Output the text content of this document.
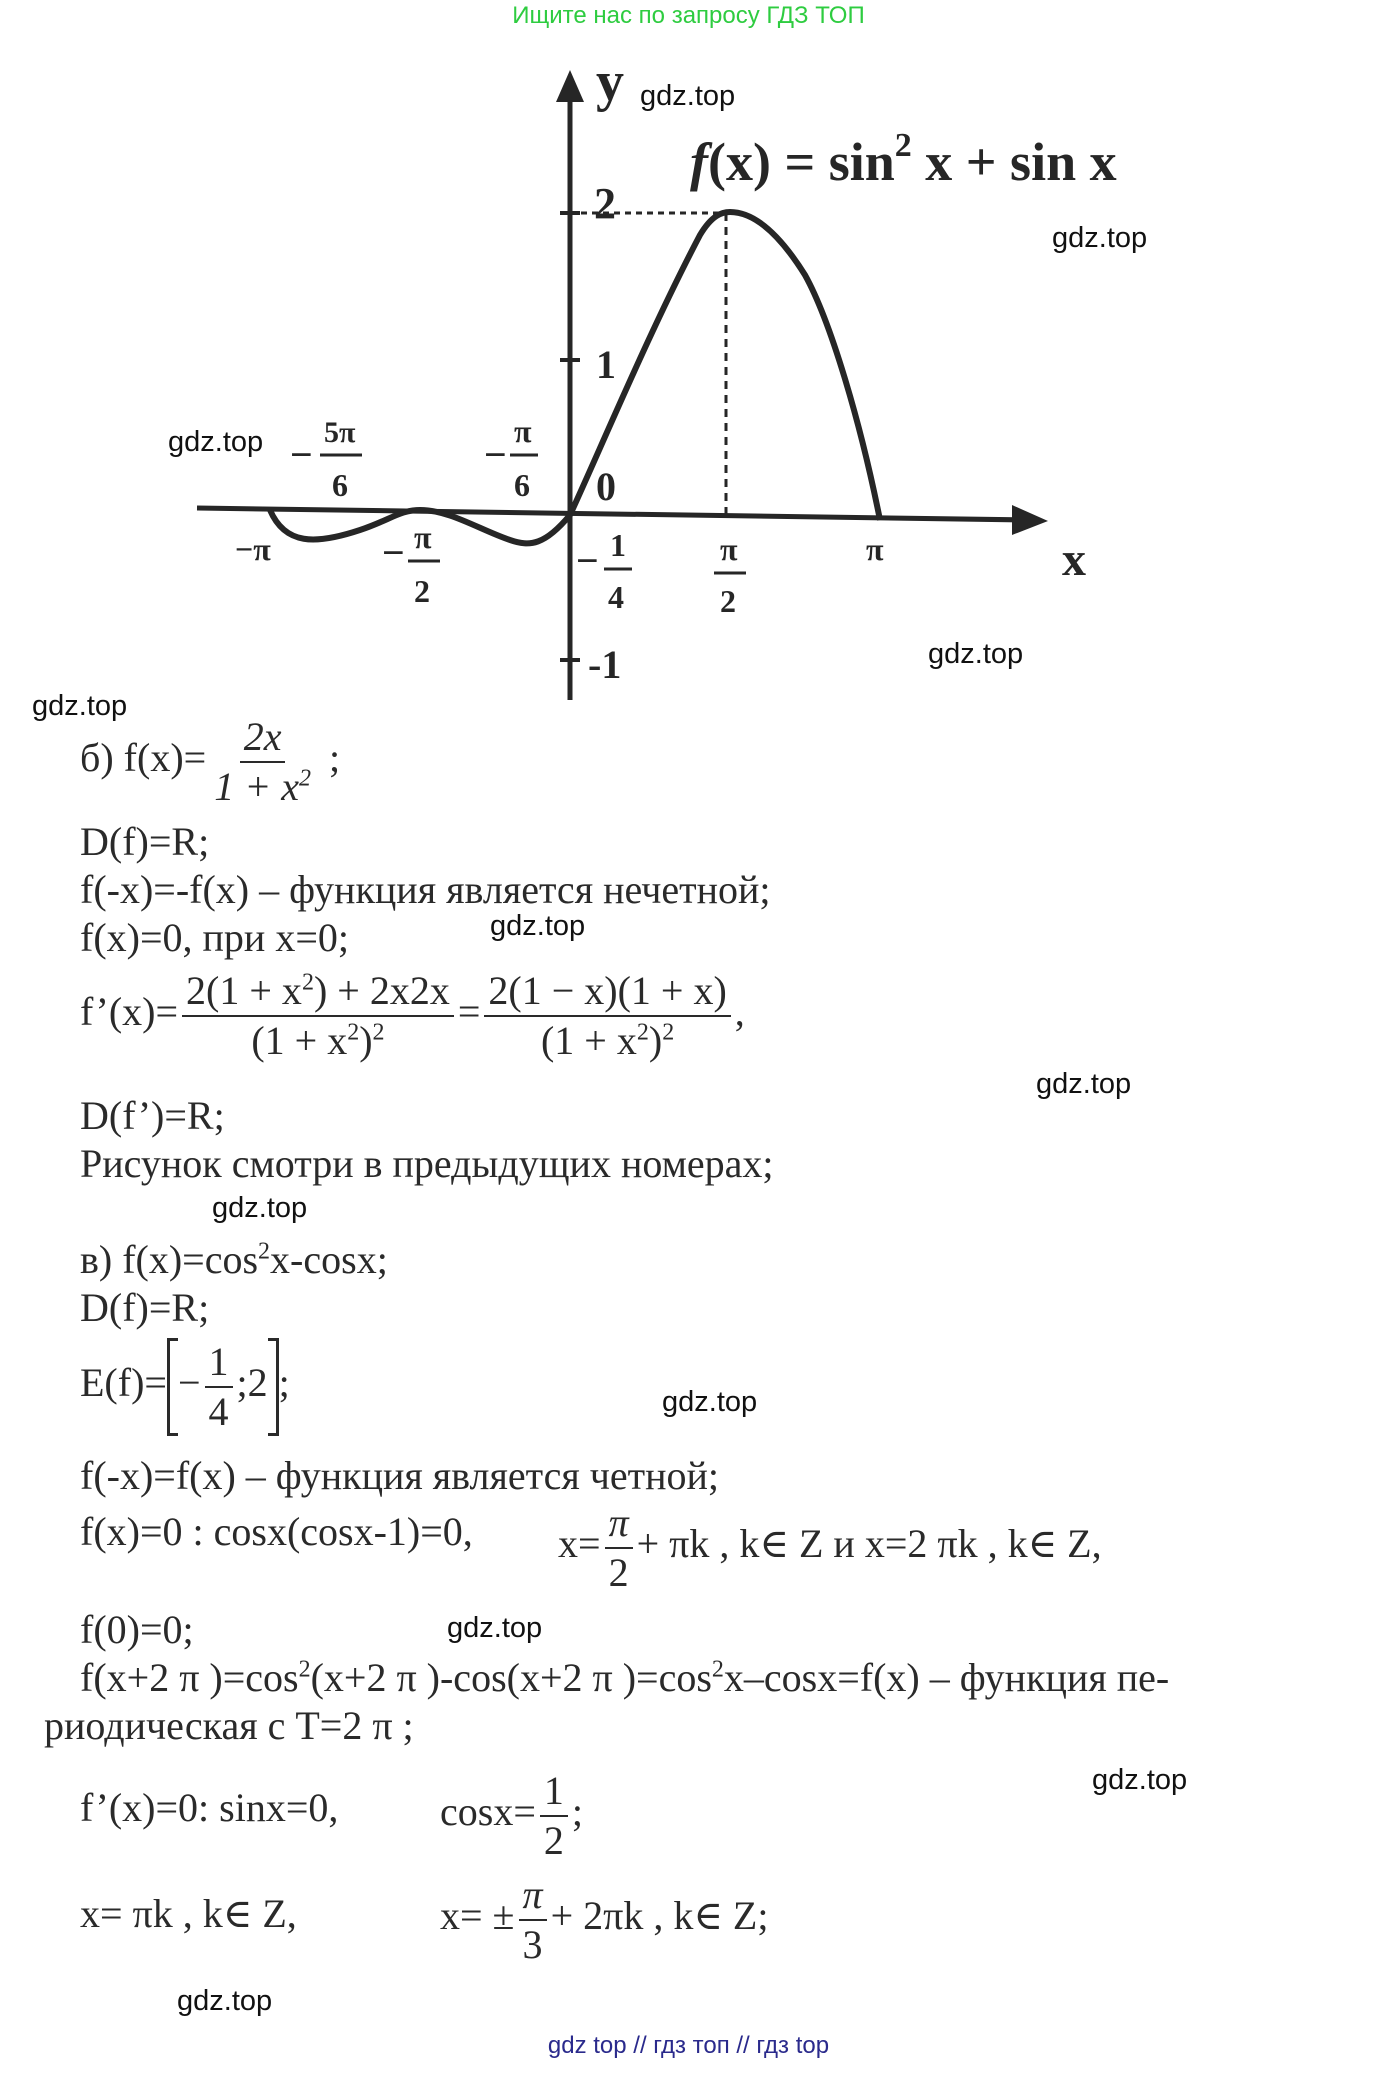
Ищите нас по запросу ГДЗ ТОП
$f(x) = \sin^2 x + \sin x$
y
x
2
1
-1
0
−π	π
− 5π
6
−
π
6
− π
2
− 1
4
π
2
gdz.top
gdz.top
gdz.top
gdz.top
gdz.top
gdz.top
gdz.top
gdz.top
gdz.top
gdz.top
gdz.top
gdz.top
б) $f(x)= \frac{2x}{1 + x^2}$ ;
D(f)=R;
f(-x)=-f(x) – функция является нечетной;
f(x)=0, при x=0;
f’(x)= $\frac{2(1 + x^2) + 2x2x}{(1 + x^2)^2} = \frac{2(1 - x)(1 + x)}{(1 + x^2)^2}$ ,
D(f’)=R;
Рисунок смотри в предыдущих номерах;
в) $f(x)=\cos^2x$-cosx;
D(f)=R;
$E(f)= - \frac{1}{4}$ ;2 ;
f(-x)=f(x) – функция является четной;
f(x)=0 : cosx(cosx-1)=0, $x= \frac{\pi}{2} + \pi k$ , k∈ Z и x=2 πk , k∈ Z,
f(0)=0;
f(x+2 π )$=\cos^2(x+2$ π )-cos(x+2 π )$=\cos^2x-\cos x=f(x)$ – функция пе-
риодическая с T=2 π ;
f’(x)=0: sinx=0,	$\cos x= \frac{1}{2}$ ;
x= πk , k∈ Z,	$x= \pm \frac{\pi}{3} + 2\pi k$ , k∈ Z;
gdz top // гдз топ // гдз top
